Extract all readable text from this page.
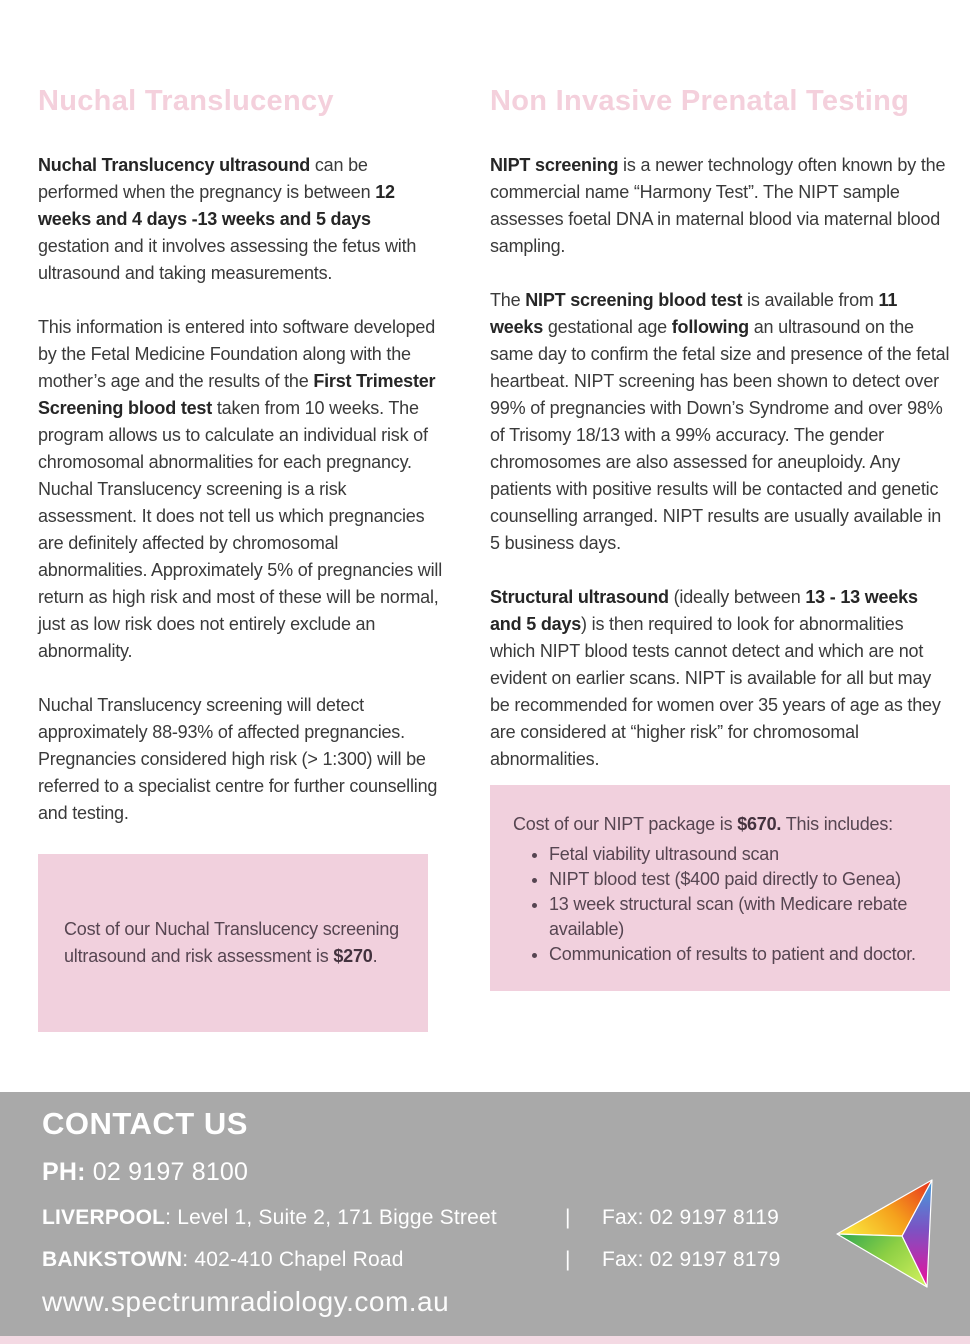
Nuchal Translucency

Nuchal Translucency ultrasound can be performed when the pregnancy is between 12 weeks and 4 days -13 weeks and 5 days gestation and it involves assessing the fetus with ultrasound and taking measurements.

This information is entered into software developed by the Fetal Medicine Foundation along with the mother’s age and the results of the First Trimester Screening blood test taken from 10 weeks. The program allows us to calculate an individual risk of chromosomal abnormalities for each pregnancy. Nuchal Translucency screening is a risk assessment. It does not tell us which pregnancies are definitely affected by chromosomal abnormalities. Approximately 5% of pregnancies will return as high risk and most of these will be normal, just as low risk does not entirely exclude an abnormality.

Nuchal Translucency screening will detect approximately 88-93% of affected pregnancies. Pregnancies considered high risk (> 1:300) will be referred to a specialist centre for further counselling and testing.

Cost of our Nuchal Translucency screening ultrasound and risk assessment is $270.

Non Invasive Prenatal Testing

NIPT screening is a newer technology often known by the commercial name “Harmony Test”. The NIPT sample assesses foetal DNA in maternal blood via maternal blood sampling.

The NIPT screening blood test is available from 11 weeks gestational age following an ultrasound on the same day to confirm the fetal size and presence of the fetal heartbeat. NIPT screening has been shown to detect over 99% of pregnancies with Down’s Syndrome and over 98% of Trisomy 18/13 with a 99% accuracy. The gender chromosomes are also assessed for aneuploidy. Any patients with positive results will be contacted and genetic counselling arranged. NIPT results are usually available in 5 business days.

Structural ultrasound (ideally between 13 - 13 weeks and 5 days) is then required to look for abnormalities which NIPT blood tests cannot detect and which are not evident on earlier scans. NIPT is available for all but may be recommended for women over 35 years of age as they are considered at “higher risk” for chromosomal abnormalities.

Cost of our NIPT package is $670. This includes:

• Fetal viability ultrasound scan
• NIPT blood test ($400 paid directly to Genea)
• 13 week structural scan (with Medicare rebate available)
• Communication of results to patient and doctor.
CONTACT US
PH: 02 9197 8100
LIVERPOOL: Level 1, Suite 2, 171 Bigge Street	|	Fax: 02 9197 8119
BANKSTOWN: 402-410 Chapel Road	|	Fax: 02 9197 8179
www.spectrumradiology.com.au
